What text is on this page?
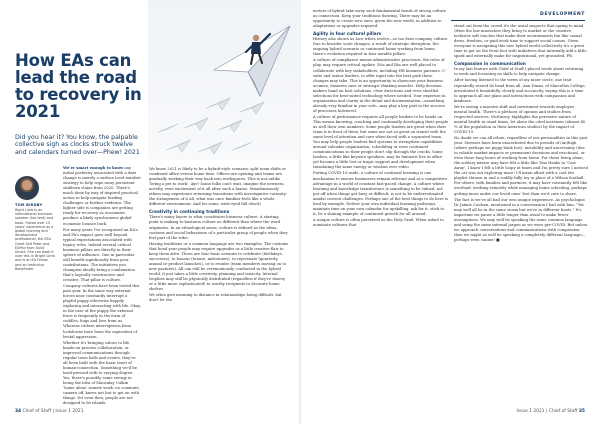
How EAs can lead the road to recovery in 2021

Did you hear it? You know, the palpable collective sigh as clocks struck twelve and calendars turned over—Phew! 2021

TOM BIRDBY
Right Limb is an international business speaker (her text) and book. Follow over 15 years' experience as a global learning and development professional, the EEA Great Salt Peter and EAPod from Salut Smart. She can book it over this in Bright Limb and is an EA Fellow and an Instructor Bodyfinder.

We're smart enough to know any initial positivity associated with a date change is merely a surface level mindset strategy to help wipe away persistent stubborn stains from 2020. There's much done by way of inspired practical action to help navigate leading challenges or further evidence. The lighter side is companies are getting ready for recovery as economies produce a likely synchronous global economic bounce back.

For many years I've recognised an EA's and PA's impact goes well beyond typical expectations associated with legacy roles. Indeed several critical business pillars are directly in their sphere of influence. One in particular will benefit significantly from your contributions. The initiatives you champion ideally bring a combination that's logically constructive and creative. That pillar is culture.

Company cultures have been tested this past year. In the same way external forces near constantly interrupt a playful puppy otherwise happily exploring and interacting with life. Okay, in the case of the puppy the external force is frequently in the form of cuddles, hugs and love from us. Whereas culture interruptions from lockdowns have been the equivalent of brutal aggression.

Whether it's bringing values to life, hands-on process collaboration, or improved communications through regular town halls and events, they've all been built with the basic tenet of human-connection. Something we'd be hard-pressed with to varying degree. Yes, there's possibly some energy in being the idea of Macaulay Culkin ‘home alone’ remote work: no commute, camera off, knees not but to get on with things. Yet even then, people are not designed to be islands.

We know 2021 is likely to be a hybrid-style scenario: split team shifts or combined office versus home time. Offices are opening and teams are gradually working their way back into workspaces. This is not unlike ‘living a pet to work’. Aye! Some folks can't wait, imagine the newness, novelty, even excitement of it all after such a hiatus. Simultaneously others may experience returning transitions with investigative curiosity: the strangeness of it all, what was once familiar feels like a whole different environment. And for some, wide-eyed full shock!

Creativity in continuing traditions

There's many layers to what constitutes business culture. A starting point is making to business culture no different than where the word originates. In an ethnological sense, culture is defined as the ideas, customs and social behaviours of a particular group of people when they feel part of the tribe.

Having traditions or a common language are two examples. The customs that bond your people may require upgrades or a little creative flair to keep them alive. There are four basic avenues to celebrate (birthdays, successes), to honour (tenure, milestones), to rejuvenate (quarterly, annual or product launches), or to reunite (team members moving on to new pastures). All can still be ceremoniously conducted in the hybrid world, it just takes a little creativity, planning and tenacity. Internal trophies may still be physically distributed (regardless if they're doorsy or a little more sophisticated) to worthy recipients to decorate home shelves.

We often give meaning to distance in relationships being difficult, but don't let the

34 Chief of Staff | Issue 1 2021
DEVELOPMENT

meters of hybrid take away such fundamental bonds of strong culture as connection. Keep your traditions thriving. There may be an opportunity to create new ones, given the new world, in addition to adaptations or upgrades required.

Agility in four cultural pillars

History also shows us how tribes evolve—so too does company culture. Due to broader scale changes, a result of strategic disruption, the ongoing hybrid scenario or continued home working from home, there's evolution required in four notable pillars.

A culture of compliance means administrative processes, the rules of play, may require critical update. EAs and PAs are well placed to collaborate with key stakeholders, including HR business partners, C-suite and senior leaders, to offer input into the best path these changes may take. This is an opportunity to showcase your business acumen, business case or strategic thinking muscles. Help decision makers hand on best solutions, clear directions and even shortlist selections for best-suited technology where needed. Your expertise in organisation and clarity in the detail and documentation—something already very familiar in your role—may play a key part in the success of processes bolstered.

A culture of performance requires all people leaders to be hands on. This means knowing, coaching and continually developing their people as well their own numbers. Some people leaders are great when their team is in front of them, but some are not so great on transit with the same level of attention and care when faced with a separated team. You may help people leaders find systems to strengthen capabilities around calendar organisation, scheduling or even continued communications so their people don't slip through the cracks. Some leaders, a little like keynote speakers, may be fantastic live in office yet become a little lost or tragic support and development when translating the same energy or wisdom over video.

Putting COVID-19 aside, a culture of continual learning is one mechanism to ensure businesses remain relevant and at a competitive advantage in a world of constant fast-paced change. A culture where learning and knowledge transference is something to be valued, not put off when things get busy or difficult, is not to be underestimated amidst current challenges. Perhaps one of the best things to do here is lead by example. Deliver your own individual learning pathways, maintain time on your own calendar for upskilling, ask for it, stick to it, be a shining example of continued growth for all around.

A unique culture is often perceived as the Holy Grail. When asked to nominate cultures that

stand out from the crowd it's the usual suspects that spring to mind. Often the law innovators they bring to market or the creative, inclusive soft touches that make their environments fun like casual dress, freebies, or paid work time to support social causes. Given everyone is navigating this new hybrid world collectively it's a great time to get on the front foot with initiatives that internally add a little spark and externally make for inspirational, yet grounded, PR.

Compassion in communication

In my last feature with Chief of Staff I placed seeds about returning to work and focussing on skills to help navigate change.

After having listened to the views of my inner circle, one trait repeatedly reared its head from all. Ann Dinan, of Marcellus College, articulated it beautifully, clearly and succinctly, saying this is a time to approach all our plans and interactions with compassion and kindness.

We're seeing a massive shift and investment towards employee mental health. There's a plethora of opinion and studies from respected sources. McKinsey, highlights the pervasive nature of mental health in usual times, let alone the cited increases (almost 40 % of the population in their American studies) by the impact of COVID-19.

No doubt we can all relate, regardless of our personalities in this past year. Stresses have been exacerbated due to periods of (un)high (where perhaps we piggy-bank lost), instability and uncertainty (due to volatile market impacts or permanent decisions and reactions), or even those long bouts of working from home. For those living alone, the solitary nature may have felt a little like Tom Hanks in ‘Cast Away’. I know I felt a little loopy at times and I'm pretty sure I noticed the cat was out exploring more! I'll mean albeit with a cool 60s playlist thrown in and a cuddly fully toy in place of a Wilson football. For others, with families and partners, it may have constantly felt like overload: working remotely while managing home schooling, perhaps getting more under our loved ones' feet than we'd care to share.

The fact is we've all had our own unique experience. As psychologist Dr Jaimie Coulson, mentioned in a conversation I had with him, “We may well all be in the same storm but we're in different boats.” It's important we pause a little longer than usual to make fewer assumptions. We may well be speaking the same common language and using the same internal jargon as we were pre-COVID. But unless we approach conversations and communications with compassion then we might as well be speaking a completely different language—perhaps even canine! ■

Issue 1 2021 | Chief of Staff 35
